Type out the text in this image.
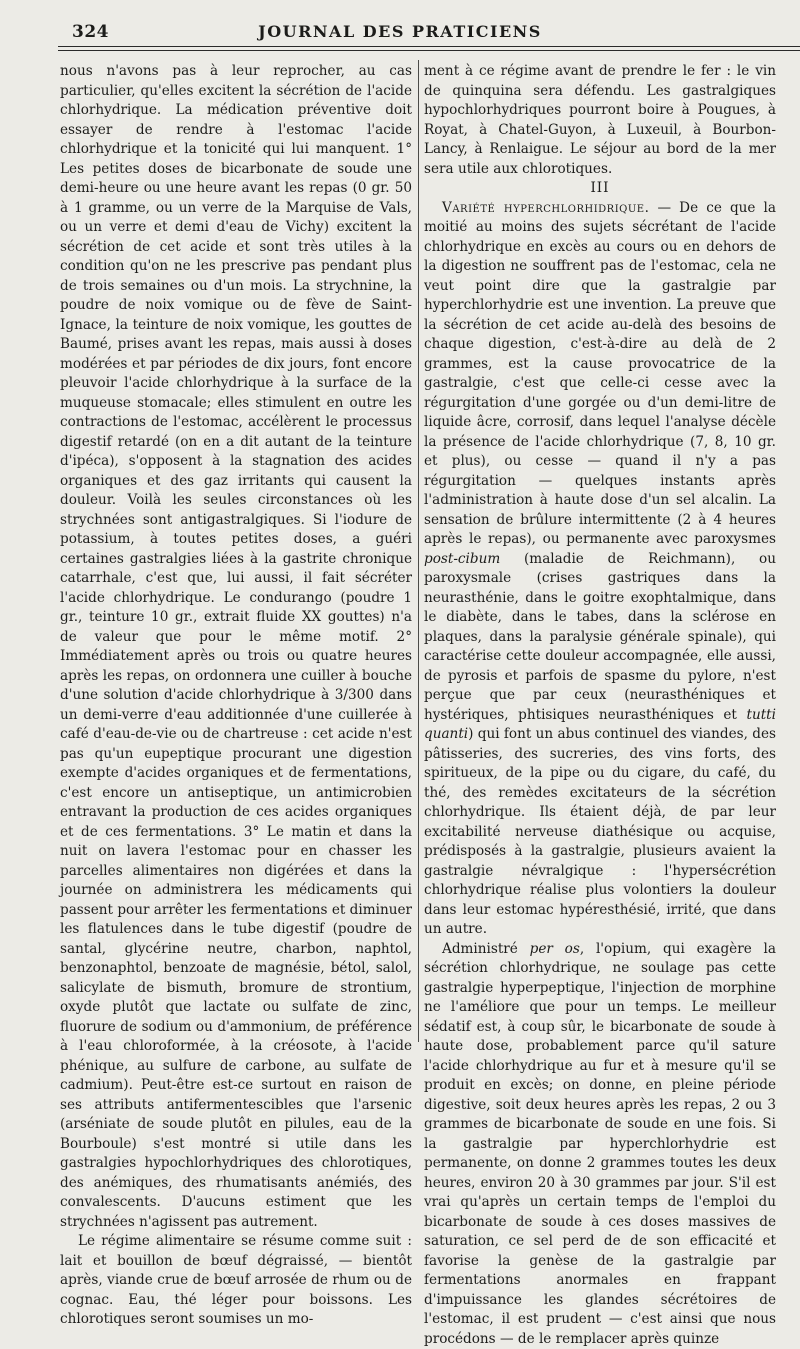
324	JOURNAL DES PRATICIENS

nous n'avons pas à leur reprocher, au cas particulier, qu'elles excitent la sécrétion de l'acide chlorhydrique. La médication préventive doit essayer de rendre à l'estomac l'acide chlorhydrique et la tonicité qui lui manquent. 1° Les petites doses de bicarbonate de soude une demi-heure ou une heure avant les repas (0 gr. 50 à 1 gramme, ou un verre de la Marquise de Vals, ou un verre et demi d'eau de Vichy) excitent la sécrétion de cet acide et sont très utiles à la condition qu'on ne les prescrive pas pendant plus de trois semaines ou d'un mois. La strychnine, la poudre de noix vomique ou de fève de Saint-Ignace, la teinture de noix vomique, les gouttes de Baumé, prises avant les repas, mais aussi à doses modérées et par périodes de dix jours, font encore pleuvoir l'acide chlorhydrique à la surface de la muqueuse stomacale; elles stimulent en outre les contractions de l'estomac, accélèrent le processus digestif retardé (on en a dit autant de la teinture d'ipéca), s'opposent à la stagnation des acides organiques et des gaz irritants qui causent la douleur. Voilà les seules circonstances où les strychnées sont antigastralgiques. Si l'iodure de potassium, à toutes petites doses, a guéri certaines gastralgies liées à la gastrite chronique catarrhale, c'est que, lui aussi, il fait sécréter l'acide chlorhydrique. Le condurango (poudre 1 gr., teinture 10 gr., extrait fluide XX gouttes) n'a de valeur que pour le même motif. 2° Immédiatement après ou trois ou quatre heures après les repas, on ordonnera une cuiller à bouche d'une solution d'acide chlorhydrique à 3/300 dans un demi-verre d'eau additionnée d'une cuillerée à café d'eau-de-vie ou de chartreuse : cet acide n'est pas qu'un eupeptique procurant une digestion exempte d'acides organiques et de fermentations, c'est encore un antiseptique, un antimicrobien entravant la production de ces acides organiques et de ces fermentations. 3° Le matin et dans la nuit on lavera l'estomac pour en chasser les parcelles alimentaires non digérées et dans la journée on administrera les médicaments qui passent pour arrêter les fermentations et diminuer les flatulences dans le tube digestif (poudre de santal, glycérine neutre, charbon, naphtol, benzonaphtol, benzoate de magnésie, bétol, salol, salicylate de bismuth, bromure de strontium, oxyde plutôt que lactate ou sulfate de zinc, fluorure de sodium ou d'ammonium, de préférence à l'eau chloroformée, à la créosote, à l'acide phénique, au sulfure de carbone, au sulfate de cadmium). Peut-être est-ce surtout en raison de ses attributs antifermentescibles que l'arsenic (arséniate de soude plutôt en pilules, eau de la Bourboule) s'est montré si utile dans les gastralgies hypochlorhydriques des chlorotiques, des anémiques, des rhumatisants anémiés, des convalescents. D'aucuns estiment que les strychnées n'agissent pas autrement.

Le régime alimentaire se résume comme suit : lait et bouillon de bœuf dégraissé, — bientôt après, viande crue de bœuf arrosée de rhum ou de cognac. Eau, thé léger pour boissons. Les chlorotiques seront soumises un mo-

ment à ce régime avant de prendre le fer : le vin de quinquina sera défendu. Les gastralgiques hypochlorhydriques pourront boire à Pougues, à Royat, à Chatel-Guyon, à Luxeuil, à Bourbon-Lancy, à Renlaigue. Le séjour au bord de la mer sera utile aux chlorotiques.

III

Variété hyperchlorhidrique. — De ce que la moitié au moins des sujets sécrétant de l'acide chlorhydrique en excès au cours ou en dehors de la digestion ne souffrent pas de l'estomac, cela ne veut point dire que la gastralgie par hyperchlorhydrie est une invention. La preuve que la sécrétion de cet acide au-delà des besoins de chaque digestion, c'est-à-dire au delà de 2 grammes, est la cause provocatrice de la gastralgie, c'est que celle-ci cesse avec la régurgitation d'une gorgée ou d'un demi-litre de liquide âcre, corrosif, dans lequel l'analyse décèle la présence de l'acide chlorhydrique (7, 8, 10 gr. et plus), ou cesse — quand il n'y a pas régurgitation — quelques instants après l'administration à haute dose d'un sel alcalin. La sensation de brûlure intermittente (2 à 4 heures après le repas), ou permanente avec paroxysmes post-cibum (maladie de Reichmann), ou paroxysmale (crises gastriques dans la neurasthénie, dans le goitre exophtalmique, dans le diabète, dans le tabes, dans la sclérose en plaques, dans la paralysie générale spinale), qui caractérise cette douleur accompagnée, elle aussi, de pyrosis et parfois de spasme du pylore, n'est perçue que par ceux (neurasthéniques et hystériques, phtisiques neurasthéniques et tutti quanti) qui font un abus continuel des viandes, des pâtisseries, des sucreries, des vins forts, des spiritueux, de la pipe ou du cigare, du café, du thé, des remèdes excitateurs de la sécrétion chlorhydrique. Ils étaient déjà, de par leur excitabilité nerveuse diathésique ou acquise, prédisposés à la gastralgie, plusieurs avaient la gastralgie névralgique : l'hypersécrétion chlorhydrique réalise plus volontiers la douleur dans leur estomac hypéresthésié, irrité, que dans un autre.

Administré per os, l'opium, qui exagère la sécrétion chlorhydrique, ne soulage pas cette gastralgie hyperpeptique, l'injection de morphine ne l'améliore que pour un temps. Le meilleur sédatif est, à coup sûr, le bicarbonate de soude à haute dose, probablement parce qu'il sature l'acide chlorhydrique au fur et à mesure qu'il se produit en excès; on donne, en pleine période digestive, soit deux heures après les repas, 2 ou 3 grammes de bicarbonate de soude en une fois. Si la gastralgie par hyperchlorhydrie est permanente, on donne 2 grammes toutes les deux heures, environ 20 à 30 grammes par jour. S'il est vrai qu'après un certain temps de l'emploi du bicarbonate de soude à ces doses massives de saturation, ce sel perd de de son efficacité et favorise la genèse de la gastralgie par fermentations anormales en frappant d'impuissance les glandes sécrétoires de l'estomac, il est prudent — c'est ainsi que nous procédons — de le remplacer après quinze
